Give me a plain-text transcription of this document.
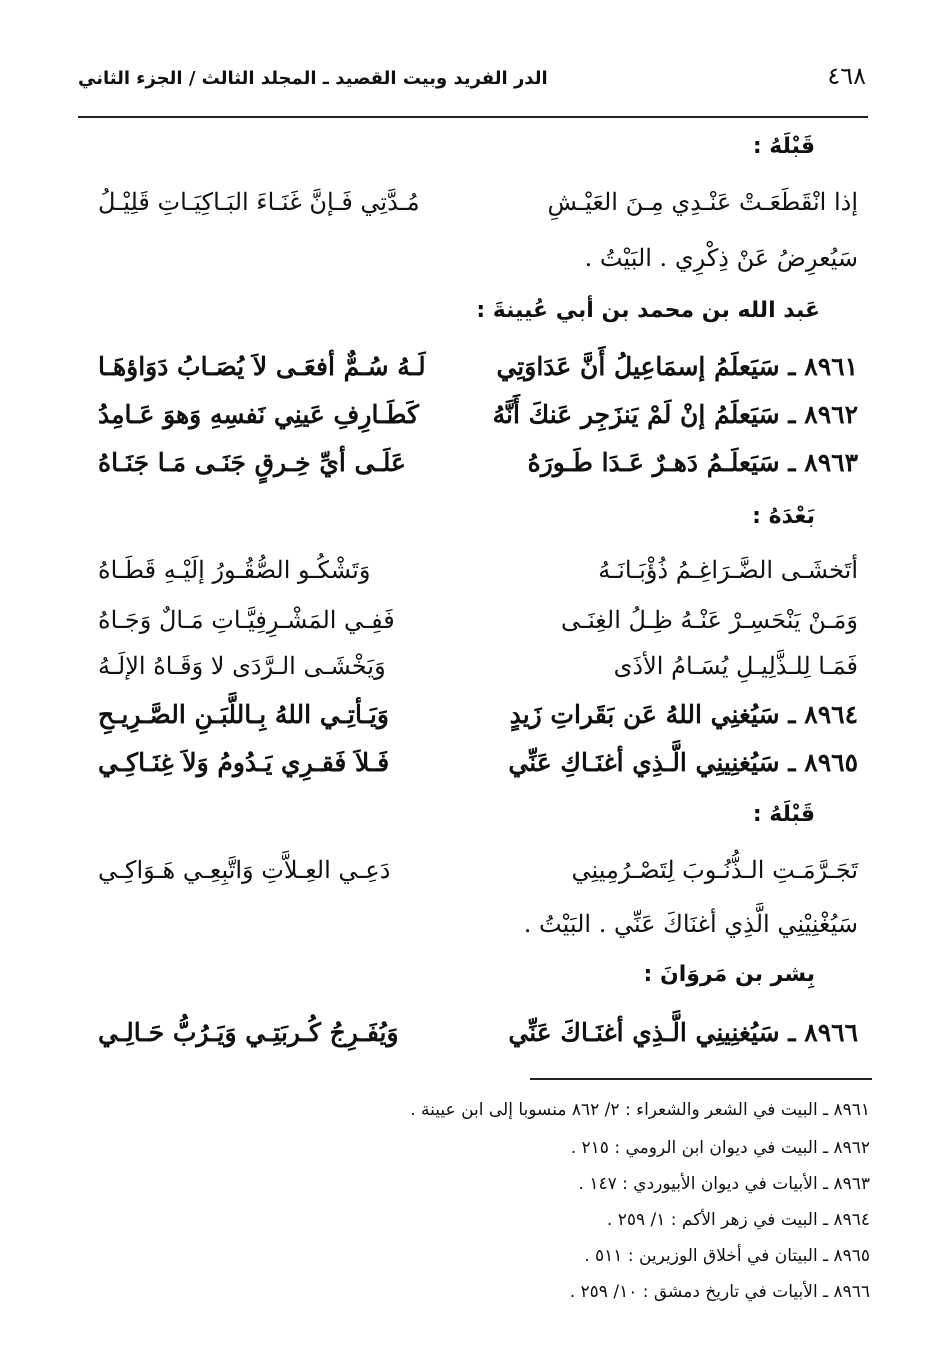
٤٦٨
الدر الفريد وبيت القصيد ـ المجلد الثالث / الجزء الثاني
قَبْلَهُ :
إذا انْقَطَعَـتْ عَنْـدِي مِـنَ العَيْـشِ
مُـدَّتِي فَـإنَّ غَنَـاءَ البَـاكِيَـاتِ قَلِيْـلُ
سَيُعرِضُ عَنْ ذِكْرِي . البَيْتُ .
عَبد الله بن محمد بن أبي عُيينةَ :
٨٩٦١ ـ سَيَعلَمُ إسمَاعِيلُ أَنَّ عَدَاوَتِي
لَـهُ سُـمٌّ أفعَـى لاَ يُصَـابُ دَوَاؤهَـا
٨٩٦٢ ـ سَيَعلَمُ إنْ لَمْ يَنزَجِر عَنكَ أَنَّهُ
كَطَـارِفِ عَينِي نَفسِهِ وَهوَ عَـامِدُ
٨٩٦٣ ـ سَيَعلَـمُ دَهـرٌ عَـدَا طَـورَهُ
عَلَـى أيِّ خِـرقٍ جَنَـى مَـا جَنَـاهُ
بَعْدَهُ :
أتَخشَـى الضَّـرَاغِـمُ ذُؤْبَـانَـهُ
وَتَشْكُـو الصُّقُـورُ إلَيْـهِ قَطَـاهُ
وَمَـنْ يَنْحَسِـرْ عَنْـهُ ظِـلُ الغِنَـى
فَفِـي المَشْـرِفِيَّـاتِ مَـالٌ وَجَـاهُ
فَمَـا لِلـذَّلِيـلِ يُسَـامُ الأذَى
وَيَخْشَـى الـرَّدَى لا وَقَـاهُ الإلَـهُ
٨٩٦٤ ـ سَيُغنِي اللهُ عَن بَقَراتِ زَيدٍ
وَيَـأتِـي اللهُ بِـاللَّبَـنِ الصَّـرِيـحِ
٨٩٦٥ ـ سَيُغنِينِي الَّـذِي أغنَـاكِ عَنِّي
فَـلاَ فَقـرِي يَـدُومُ وَلاَ غِنَـاكِـي
قَبْلَهُ :
تَجَـرَّمَـتِ الـذُّنُـوبَ لِتَصْـرُمِينِي
دَعِـي العِـلاَّتِ وَاتَّبِعِـي هَـوَاكِـي
سَيُغْنِيْنِي الَّذِي أغنَاكَ عَنِّي . البَيْتُ .
بِشر بن مَروَانَ :
٨٩٦٦ ـ سَيُغنِينِي الَّـذِي أغنَـاكَ عَنِّي
وَيُفَـرِجُ كُـربَتِـي وَيَـرُبُّ حَـالِـي
٨٩٦١ ـ البيت في الشعر والشعراء : ٢/ ٨٦٢ منسوبا إلى ابن عيينة .
٨٩٦٢ ـ البيت في ديوان ابن الرومي : ٢١٥ .
٨٩٦٣ ـ الأبيات في ديوان الأبيوردي : ١٤٧ .
٨٩٦٤ ـ البيت في زهر الأكم : ١/ ٢٥٩ .
٨٩٦٥ ـ البيتان في أخلاق الوزيرين : ٥١١ .
٨٩٦٦ ـ الأبيات في تاريخ دمشق : ١٠/ ٢٥٩ .
